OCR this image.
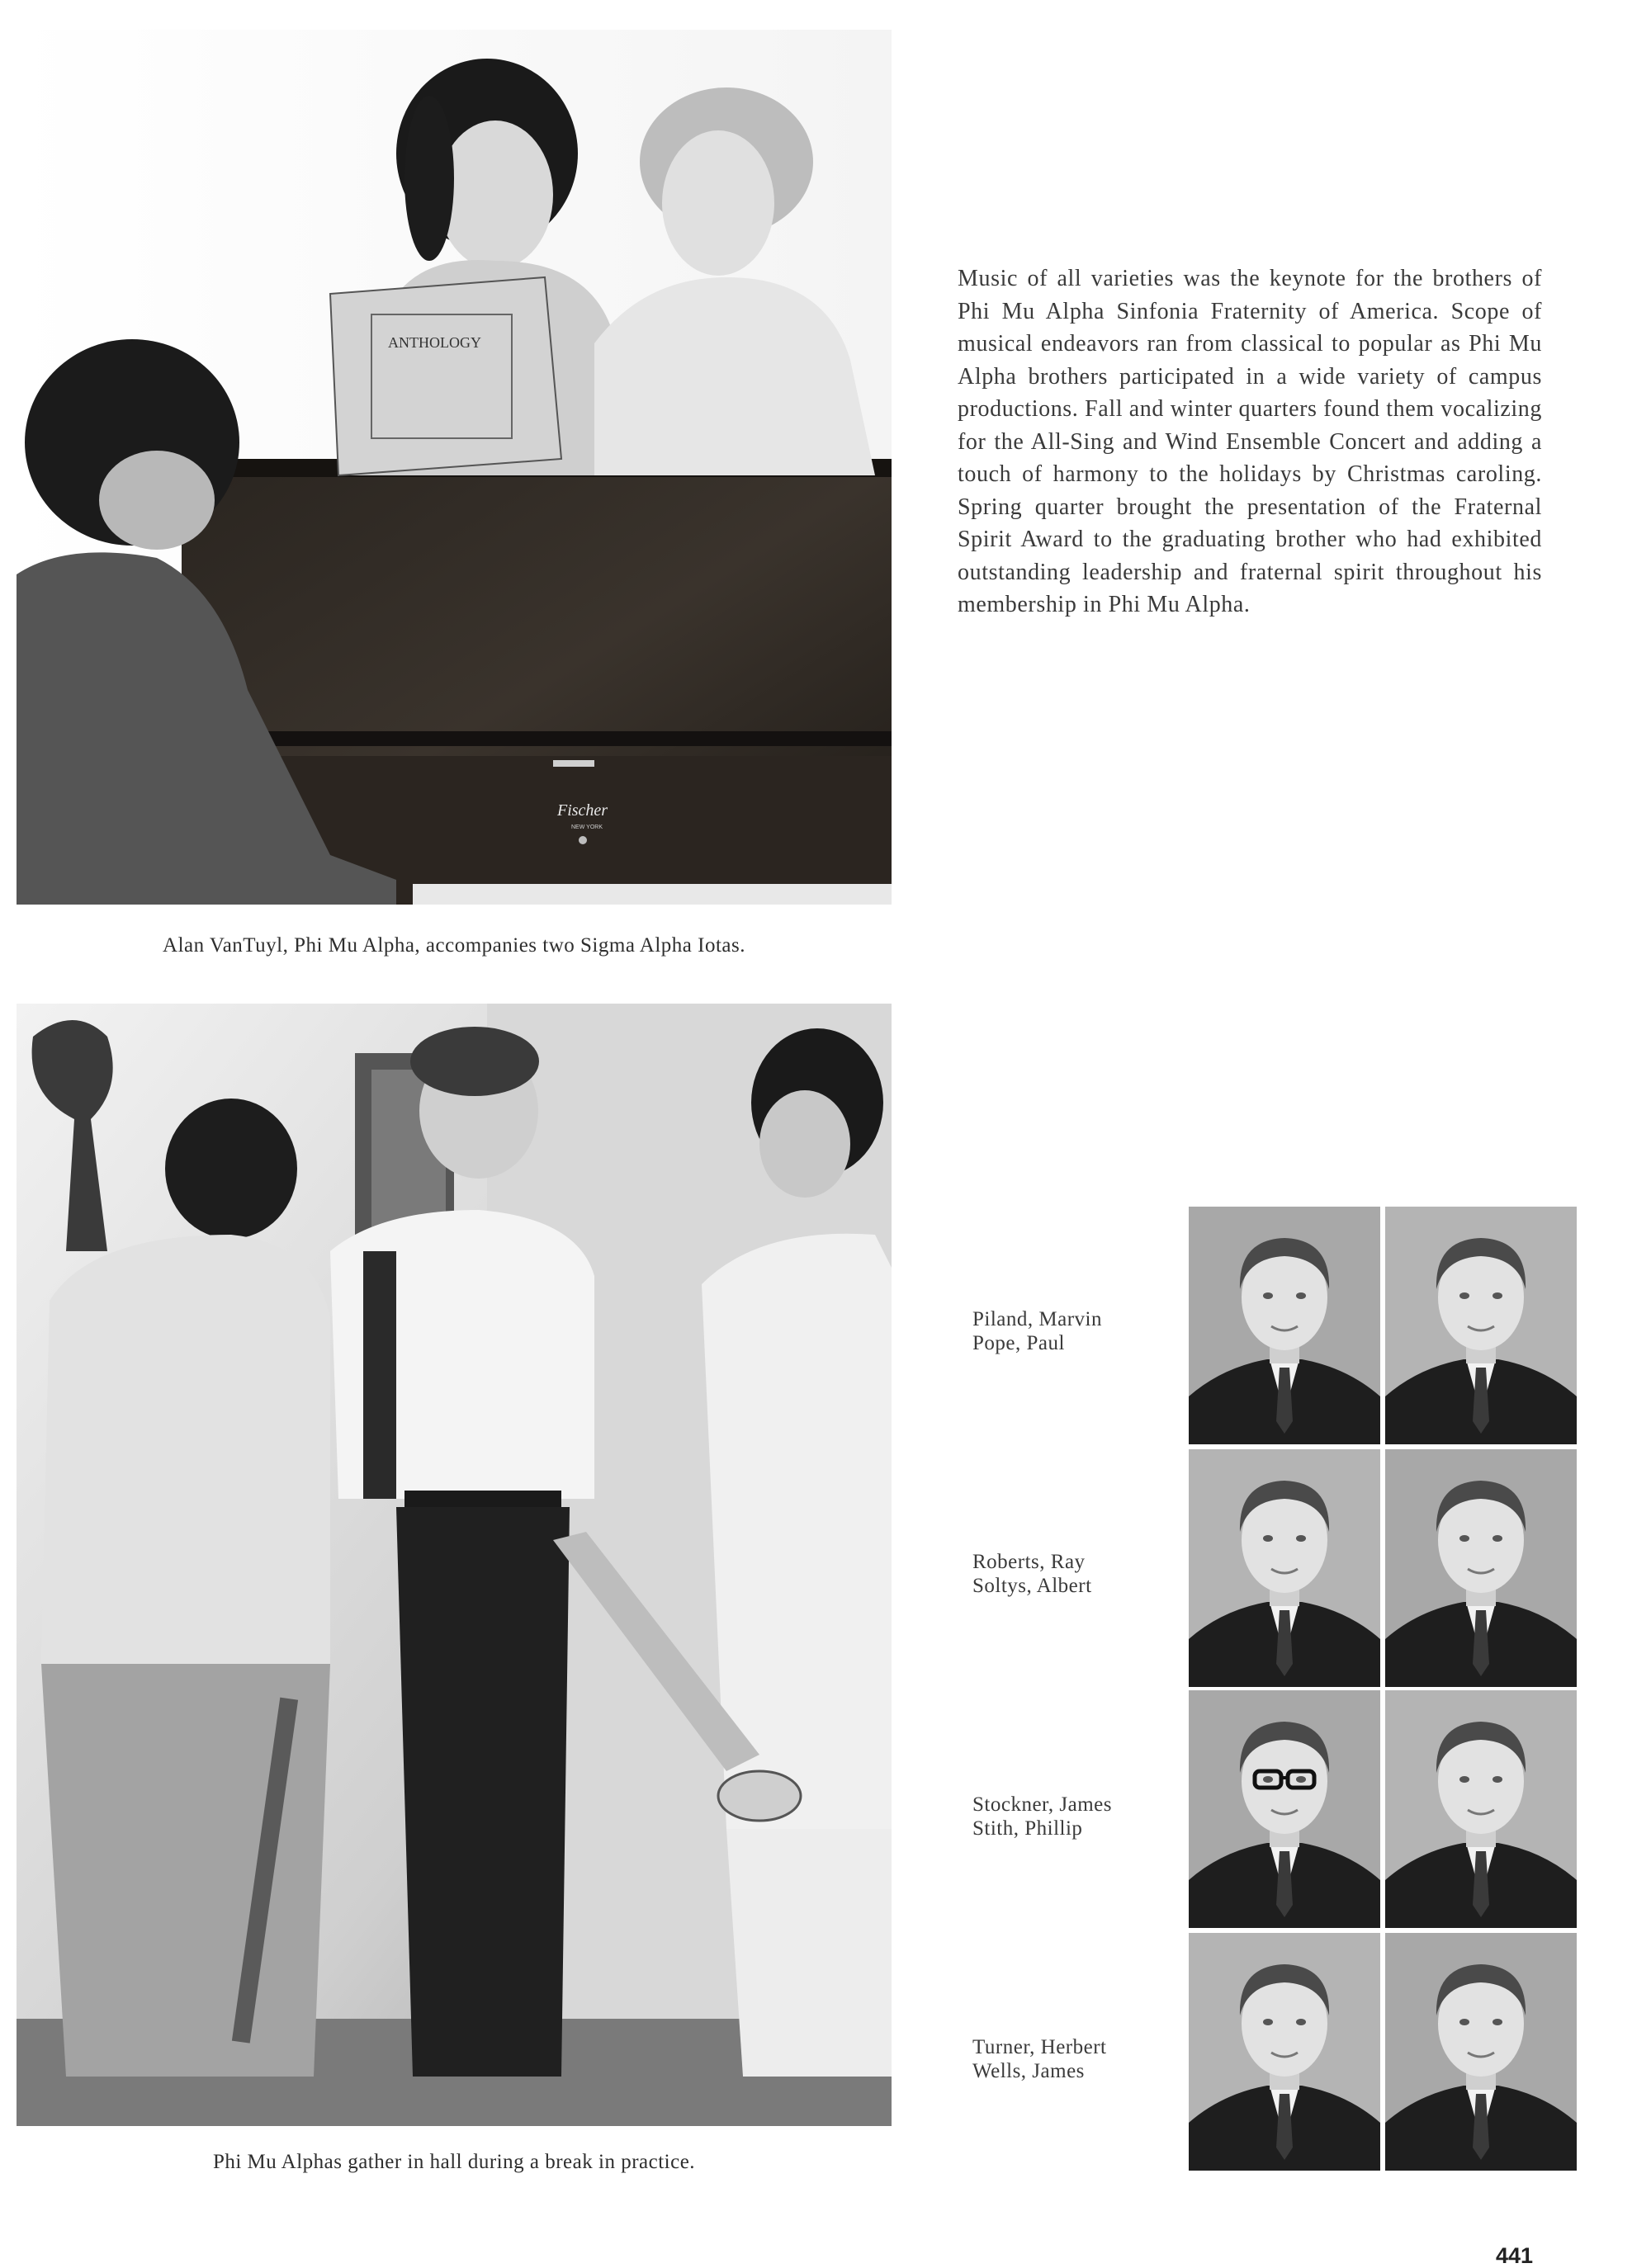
Fischer
NEW YORK
ANTHOLOGY
Alan VanTuyl, Phi Mu Alpha, accompanies two Sigma Alpha Iotas.
Music of all varieties was the keynote for the brothers of Phi Mu Alpha Sinfonia Fraternity of America. Scope of musical endeavors ran from classical to popular as Phi Mu Alpha brothers participated in a wide variety of campus productions. Fall and winter quarters found them vocalizing for the All-Sing and Wind Ensemble Concert and adding a touch of harmony to the holidays by Christmas caroling. Spring quarter brought the presentation of the Fraternal Spirit Award to the graduating brother who had exhibited outstanding leadership and fraternal spirit throughout his membership in Phi Mu Alpha.
Phi Mu Alphas gather in hall during a break in practice.
Piland, Marvin
Pope, Paul
Roberts, Ray
Soltys, Albert
Stockner, James
Stith, Phillip
Turner, Herbert
Wells, James
441
